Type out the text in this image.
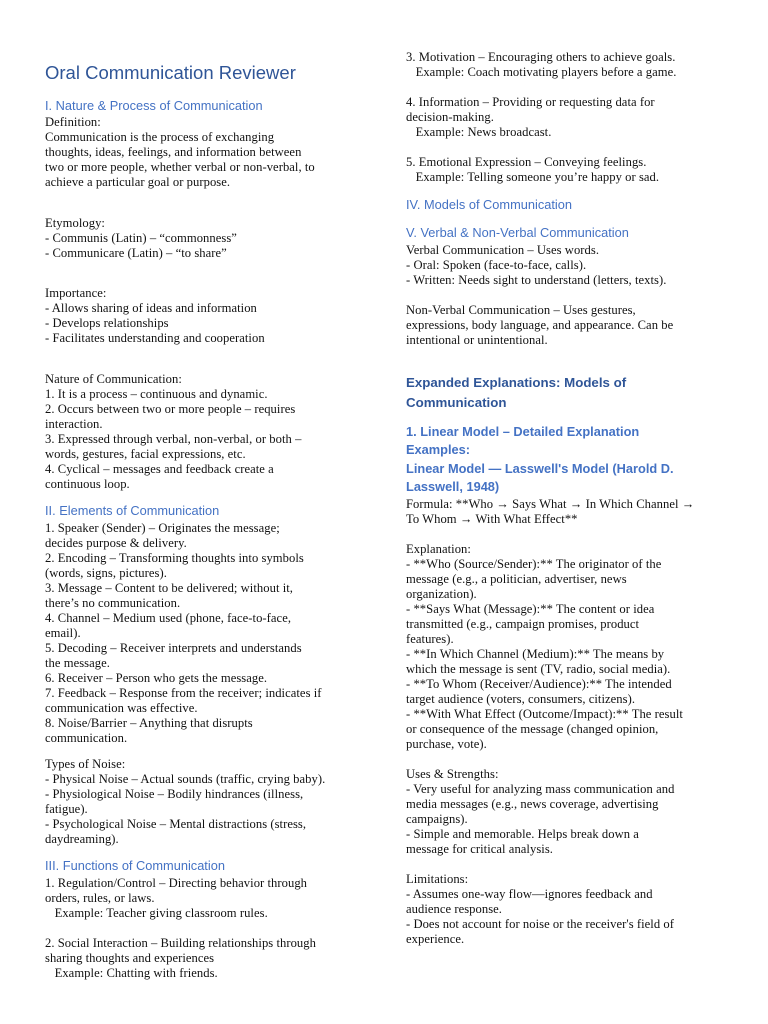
Oral Communication Reviewer
I. Nature & Process of Communication
Definition:
Communication is the process of exchanging
thoughts, ideas, feelings, and information between
two or more people, whether verbal or non-verbal, to
achieve a particular goal or purpose.
Etymology:
- Communis (Latin) – “commonness”
- Communicare (Latin) – “to share”
Importance:
- Allows sharing of ideas and information
- Develops relationships
- Facilitates understanding and cooperation
Nature of Communication:
1. It is a process – continuous and dynamic.
2. Occurs between two or more people – requires
interaction.
3. Expressed through verbal, non-verbal, or both –
words, gestures, facial expressions, etc.
4. Cyclical – messages and feedback create a
continuous loop.
II. Elements of Communication
1. Speaker (Sender) – Originates the message;
decides purpose & delivery.
2. Encoding – Transforming thoughts into symbols
(words, signs, pictures).
3. Message – Content to be delivered; without it,
there’s no communication.
4. Channel – Medium used (phone, face-to-face,
email).
5. Decoding – Receiver interprets and understands
the message.
6. Receiver – Person who gets the message.
7. Feedback – Response from the receiver; indicates if
communication was effective.
8. Noise/Barrier – Anything that disrupts
communication.
Types of Noise:
- Physical Noise – Actual sounds (traffic, crying baby).
- Physiological Noise – Bodily hindrances (illness,
fatigue).
- Psychological Noise – Mental distractions (stress,
daydreaming).
III. Functions of Communication
1. Regulation/Control – Directing behavior through
orders, rules, or laws.
Example: Teacher giving classroom rules.
2. Social Interaction – Building relationships through
sharing thoughts and experiences
Example: Chatting with friends.
3. Motivation – Encouraging others to achieve goals.
Example: Coach motivating players before a game.
4. Information – Providing or requesting data for
decision-making.
Example: News broadcast.
5. Emotional Expression – Conveying feelings.
Example: Telling someone you’re happy or sad.
IV. Models of Communication
V. Verbal & Non-Verbal Communication
Verbal Communication – Uses words.
- Oral: Spoken (face-to-face, calls).
- Written: Needs sight to understand (letters, texts).
Non-Verbal Communication – Uses gestures,
expressions, body language, and appearance. Can be
intentional or unintentional.
Expanded Explanations: Models of
Communication
1. Linear Model – Detailed Explanation
Examples:
Linear Model — Lasswell's Model (Harold D.
Lasswell, 1948)
Formula: **Who → Says What → In Which Channel →
To Whom → With What Effect**
Explanation:
- **Who (Source/Sender):** The originator of the
message (e.g., a politician, advertiser, news
organization).
- **Says What (Message):** The content or idea
transmitted (e.g., campaign promises, product
features).
- **In Which Channel (Medium):** The means by
which the message is sent (TV, radio, social media).
- **To Whom (Receiver/Audience):** The intended
target audience (voters, consumers, citizens).
- **With What Effect (Outcome/Impact):** The result
or consequence of the message (changed opinion,
purchase, vote).
Uses & Strengths:
- Very useful for analyzing mass communication and
media messages (e.g., news coverage, advertising
campaigns).
- Simple and memorable. Helps break down a
message for critical analysis.
Limitations:
- Assumes one-way flow—ignores feedback and
audience response.
- Does not account for noise or the receiver's field of
experience.
